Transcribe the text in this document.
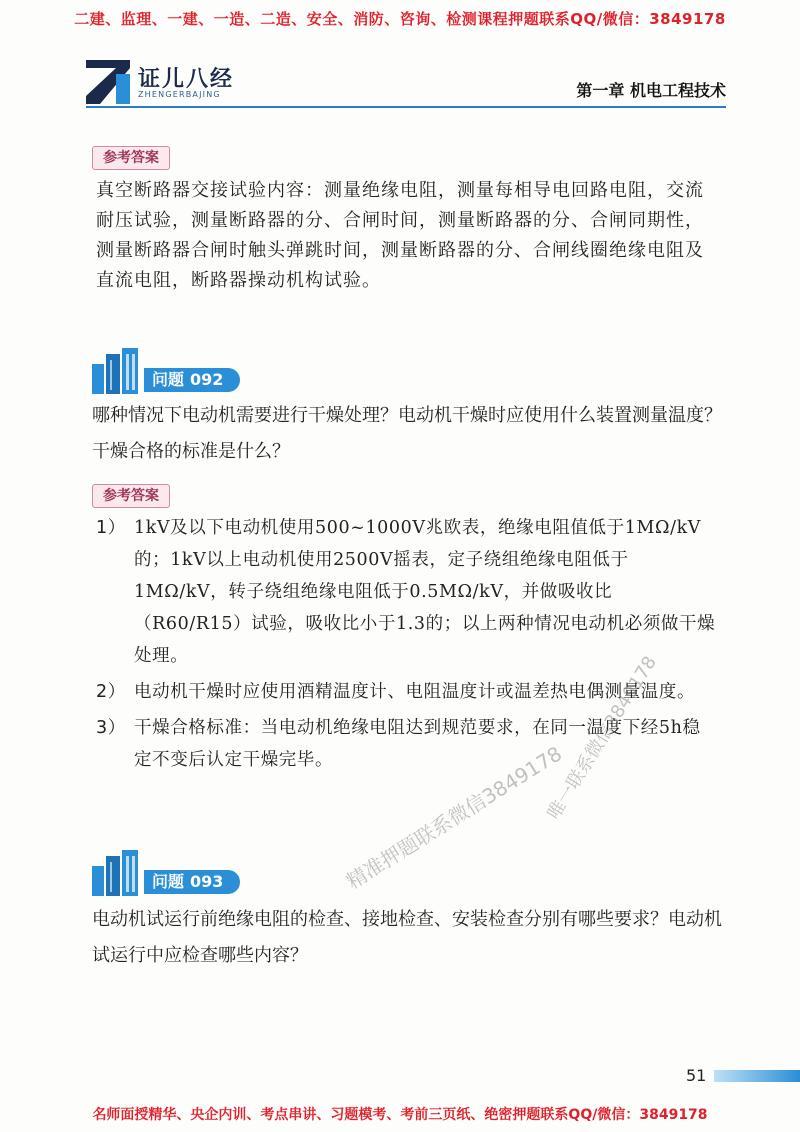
二建、监理、一建、一造、二造、安全、消防、咨询、检测课程押题联系QQ/微信：3849178
证儿八经
ZHENGERBAJING	第一章 机电工程技术
参考答案
真空断路器交接试验内容：测量绝缘电阻，测量每相导电回路电阻，交流耐压试验，测量断路器的分、合闸时间，测量断路器的分、合闸同期性，测量断路器合闸时触头弹跳时间，测量断路器的分、合闸线圈绝缘电阻及直流电阻，断路器操动机构试验。
问题 092
哪种情况下电动机需要进行干燥处理？电动机干燥时应使用什么装置测量温度？干燥合格的标准是什么？
参考答案
1） 1kV及以下电动机使用500~1000V兆欧表，绝缘电阻值低于1MΩ/kV的；1kV以上电动机使用2500V摇表，定子绕组绝缘电阻低于1MΩ/kV，转子绕组绝缘电阻低于0.5MΩ/kV，并做吸收比（R60/R15）试验，吸收比小于1.3的；以上两种情况电动机必须做干燥处理。
2） 电动机干燥时应使用酒精温度计、电阻温度计或温差热电偶测量温度。
3） 干燥合格标准：当电动机绝缘电阻达到规范要求，在同一温度下经5h稳定不变后认定干燥完毕。
问题 093
电动机试运行前绝缘电阻的检查、接地检查、安装检查分别有哪些要求？电动机试运行中应检查哪些内容？
精准押题联系微信3849178
唯一联系微信3849178
51
名师面授精华、央企内训、考点串讲、习题模考、考前三页纸、绝密押题联系QQ/微信：3849178
